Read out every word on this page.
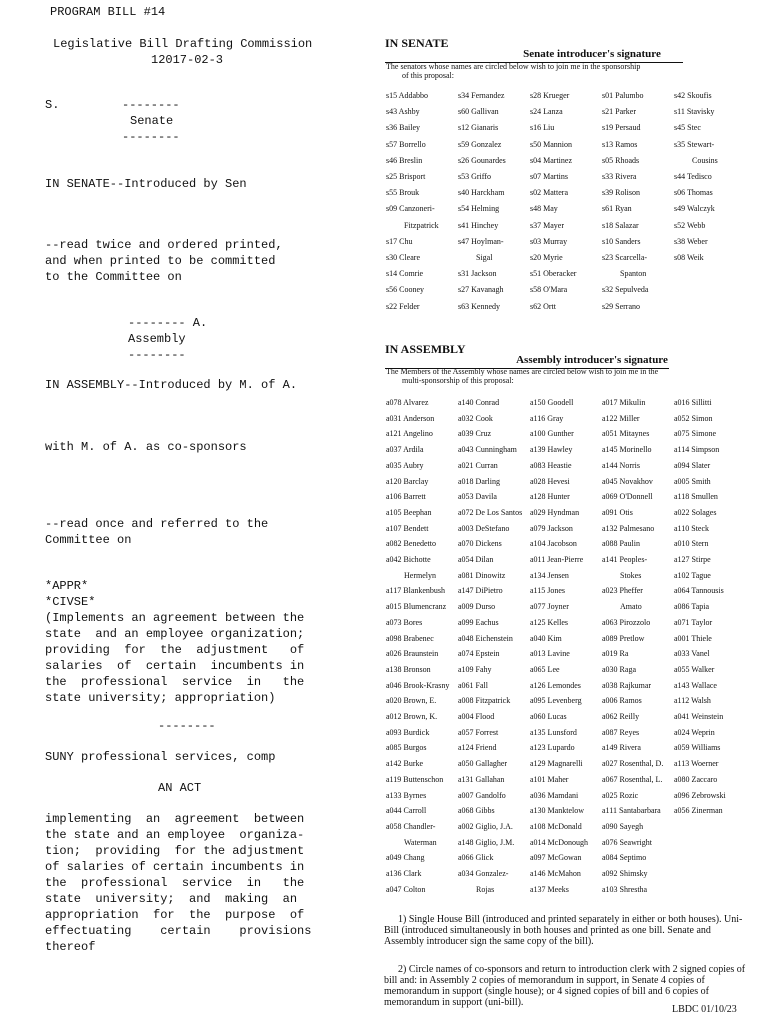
PROGRAM BILL #14
Legislative Bill Drafting Commission
12017-02-3
S.	--------
Senate
--------
IN SENATE--Introduced by Sen
--read twice and ordered printed,
and when printed to be committed
to the Committee on
-------- A.
Assembly
--------
IN ASSEMBLY--Introduced by M. of A.
with M. of A. as co-sponsors
--read once and referred to the
Committee on
*APPR*
*CIVSE*
(Implements an agreement between the
state  and an employee organization;
providing  for  the  adjustment   of
salaries  of  certain  incumbents in
the  professional  service  in   the
state university; appropriation)
--------
SUNY professional services, comp
AN ACT
implementing  an  agreement  between
the state and an employee  organiza-
tion;  providing  for the adjustment
of salaries of certain incumbents in
the  professional  service  in   the
state  university;  and  making  an
appropriation  for  the  purpose  of
effectuating    certain    provisions
thereof
IN SENATE
Senate introducer's signature
The senators whose names are circled below wish to join me in the sponsorship
of this proposal:
s15 Addabbo
s43 Ashby
s36 Bailey
s57 Borrello
s46 Breslin
s25 Brisport
s55 Brouk
s09 Canzoneri-
Fitzpatrick
s17 Chu
s30 Cleare
s14 Comrie
s56 Cooney
s22 Felder
s34 Fernandez
s60 Gallivan
s12 Gianaris
s59 Gonzalez
s26 Gounardes
s53 Griffo
s40 Harckham
s54 Helming
s41 Hinchey
s47 Hoylman-
Sigal
s31 Jackson
s27 Kavanagh
s63 Kennedy
s28 Krueger
s24 Lanza
s16 Liu
s50 Mannion
s04 Martinez
s07 Martins
s02 Mattera
s48 May
s37 Mayer
s03 Murray
s20 Myrie
s51 Oberacker
s58 O'Mara
s62 Ortt
s01 Palumbo
s21 Parker
s19 Persaud
s13 Ramos
s05 Rhoads
s33 Rivera
s39 Rolison
s61 Ryan
s18 Salazar
s10 Sanders
s23 Scarcella-
Spanton
s32 Sepulveda
s29 Serrano
s42 Skoufis
s11 Stavisky
s45 Stec
s35 Stewart-
Cousins
s44 Tedisco
s06 Thomas
s49 Walczyk
s52 Webb
s38 Weber
s08 Weik
IN ASSEMBLY
Assembly introducer's signature
The Members of the Assembly whose names are circled below wish to join me in the
multi-sponsorship of this proposal:
a078 Alvarez
a031 Anderson
a121 Angelino
a037 Ardila
a035 Aubry
a120 Barclay
a106 Barrett
a105 Beephan
a107 Bendett
a082 Benedetto
a042 Bichotte
Hermelyn
a117 Blankenbush
a015 Blumencranz
a073 Bores
a098 Brabenec
a026 Braunstein
a138 Bronson
a046 Brook-Krasny
a020 Brown, E.
a012 Brown, K.
a093 Burdick
a085 Burgos
a142 Burke
a119 Buttenschon
a133 Byrnes
a044 Carroll
a058 Chandler-
Waterman
a049 Chang
a136 Clark
a047 Colton
a140 Conrad
a032 Cook
a039 Cruz
a043 Cunningham
a021 Curran
a018 Darling
a053 Davila
a072 De Los Santos
a003 DeStefano
a070 Dickens
a054 Dilan
a081 Dinowitz
a147 DiPietro
a009 Durso
a099 Eachus
a048 Eichenstein
a074 Epstein
a109 Fahy
a061 Fall
a008 Fitzpatrick
a004 Flood
a057 Forrest
a124 Friend
a050 Gallagher
a131 Gallahan
a007 Gandolfo
a068 Gibbs
a002 Giglio, J.A.
a148 Giglio, J.M.
a066 Glick
a034 Gonzalez-
Rojas
a150 Goodell
a116 Gray
a100 Gunther
a139 Hawley
a083 Heastie
a028 Hevesi
a128 Hunter
a029 Hyndman
a079 Jackson
a104 Jacobson
a011 Jean-Pierre
a134 Jensen
a115 Jones
a077 Joyner
a125 Kelles
a040 Kim
a013 Lavine
a065 Lee
a126 Lemondes
a095 Levenberg
a060 Lucas
a135 Lunsford
a123 Lupardo
a129 Magnarelli
a101 Maher
a036 Mamdani
a130 Manktelow
a108 McDonald
a014 McDonough
a097 McGowan
a146 McMahon
a137 Meeks
a017 Mikulin
a122 Miller
a051 Mitaynes
a145 Morinello
a144 Norris
a045 Novakhov
a069 O'Donnell
a091 Otis
a132 Palmesano
a088 Paulin
a141 Peoples-
Stokes
a023 Pheffer
Amato
a063 Pirozzolo
a089 Pretlow
a019 Ra
a030 Raga
a038 Rajkumar
a006 Ramos
a062 Reilly
a087 Reyes
a149 Rivera
a027 Rosenthal, D.
a067 Rosenthal, L.
a025 Rozic
a111 Santabarbara
a090 Sayegh
a076 Seawright
a084 Septimo
a092 Shimsky
a103 Shrestha
a016 Sillitti
a052 Simon
a075 Simone
a114 Simpson
a094 Slater
a005 Smith
a118 Smullen
a022 Solages
a110 Steck
a010 Stern
a127 Stirpe
a102 Tague
a064 Tannousis
a086 Tapia
a071 Taylor
a001 Thiele
a033 Vanel
a055 Walker
a143 Wallace
a112 Walsh
a041 Weinstein
a024 Weprin
a059 Williams
a113 Woerner
a080 Zaccaro
a096 Zebrowski
a056 Zinerman
1) Single House Bill (introduced and printed separately in either or both houses). Uni-Bill (introduced simultaneously in both houses and printed as one bill. Senate and Assembly introducer sign the same copy of the bill).
2) Circle names of co-sponsors and return to introduction clerk with 2 signed copies of bill and: in Assembly 2 copies of memorandum in support, in Senate 4 copies of memorandum in support (single house); or 4 signed copies of bill and 6 copies of memorandum in support (uni-bill).
LBDC 01/10/23
